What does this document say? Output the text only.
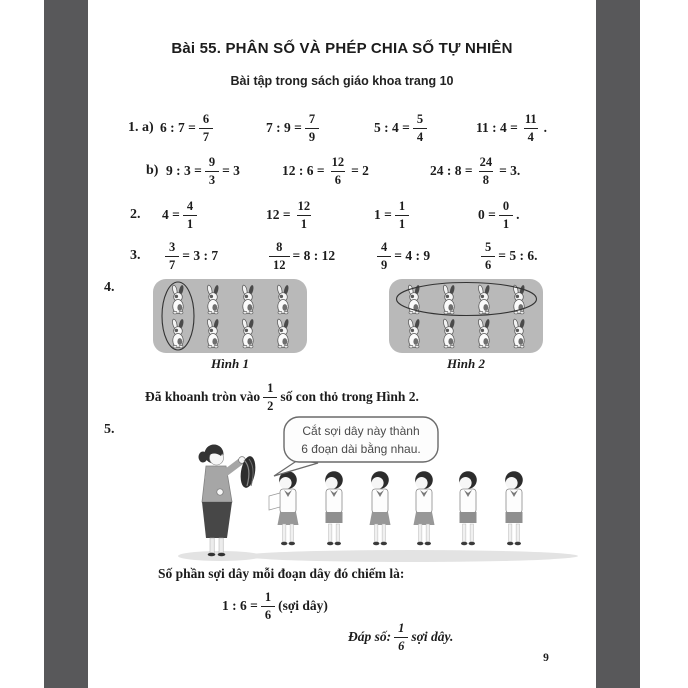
Bài 55. PHÂN SỐ VÀ PHÉP CHIA SỐ TỰ NHIÊN
Bài tập trong sách giáo khoa trang 10
1.
a) 6 : $7 = \frac{6}{7}$	7 : $9 = \frac{7}{9}$	5 : $4 = \frac{5}{4}$	11 : $4 = \frac{11}{4}$ .
b) 9 : $3 = \frac{9}{3} = 3$	12 : $6 = \frac{12}{6} = 2$	24 : $8 = \frac{24}{8} = 3$.
2. $4 = \frac{4}{1}$	$12 = \frac{12}{1}$	$1 = \frac{1}{1}$	$0 = \frac{0}{1}$ .
3. $\frac{3}{7} = 3$ : 7	$\frac{8}{12} = 8$ : 12	$\frac{4}{9} = 4$ : 9	$\frac{5}{6} = 5$ : 6.
4.
Hình 1	Hình 2
Đã khoanh tròn vào $\frac{1}{2}$ số con thỏ trong Hình 2.
5.	Cắt sợi dây này thành
6 đoạn dài bằng nhau.
Số phần sợi dây mỗi đoạn dây đó chiếm là:
1 : $6 = \frac{1}{6}$ (sợi dây)
Đáp số: $\frac{1}{6}$ sợi dây.
9
